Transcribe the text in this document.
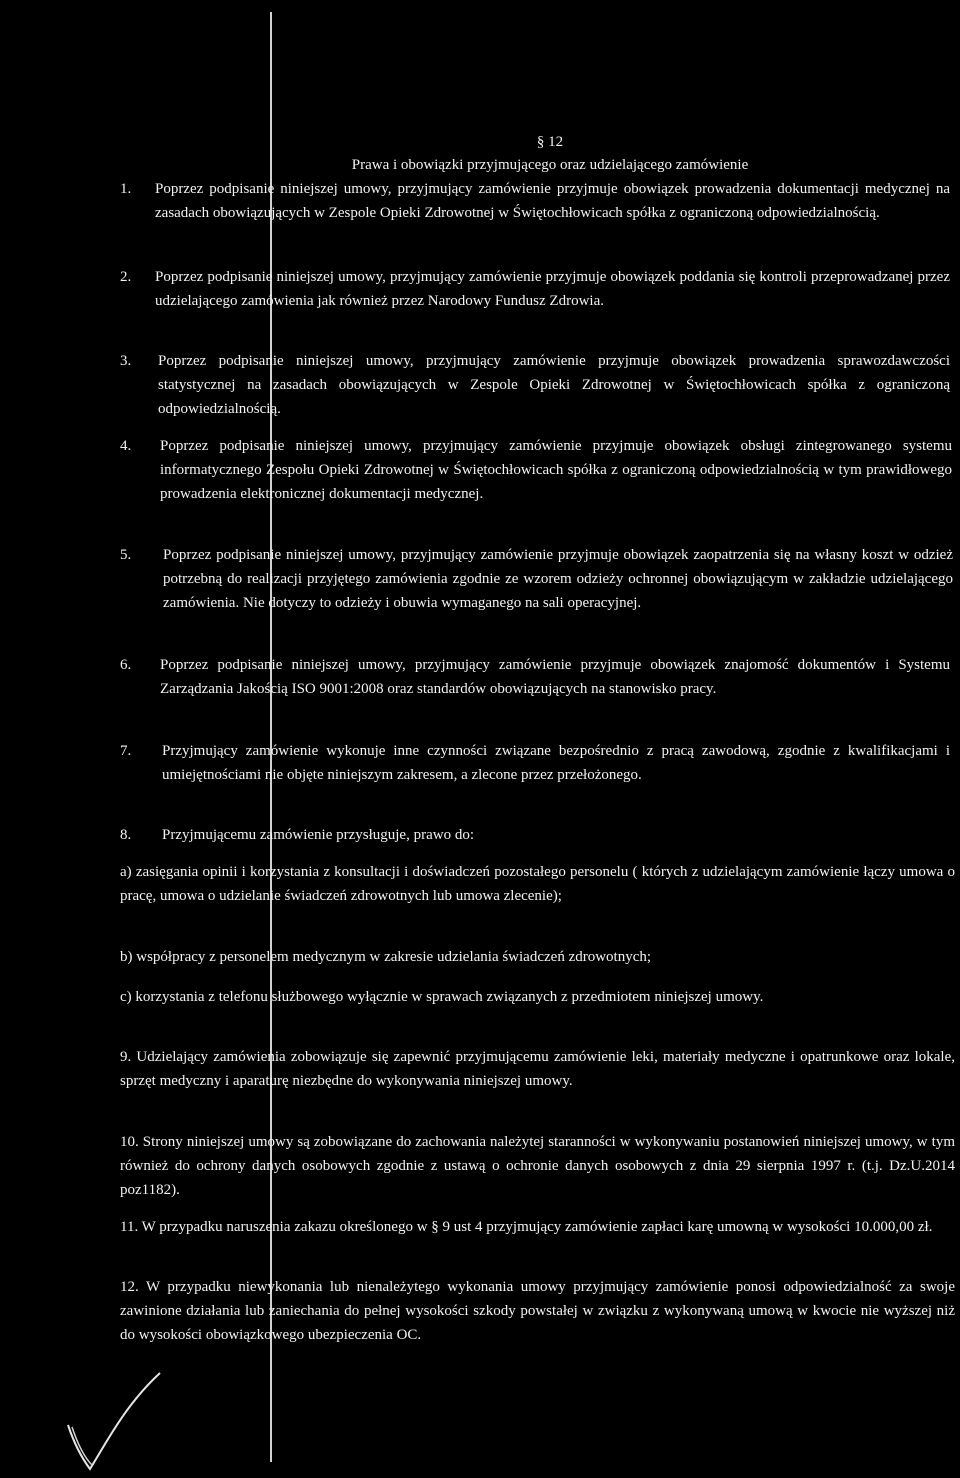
§ 12
Prawa i obowiązki przyjmującego oraz udzielającego zamówienie
1. Poprzez podpisanie niniejszej umowy, przyjmujący zamówienie przyjmuje obowiązek prowadzenia dokumentacji medycznej na zasadach obowiązujących w Zespole Opieki Zdrowotnej w Świętochłowicach spółka z ograniczoną odpowiedzialnością.

2. Poprzez podpisanie niniejszej umowy, przyjmujący zamówienie przyjmuje obowiązek poddania się kontroli przeprowadzanej przez udzielającego zamówienia jak również przez Narodowy Fundusz Zdrowia.

3. Poprzez podpisanie niniejszej umowy, przyjmujący zamówienie przyjmuje obowiązek prowadzenia sprawozdawczości statystycznej na zasadach obowiązujących w Zespole Opieki Zdrowotnej w Świętochłowicach spółka z ograniczoną odpowiedzialnością.

4. Poprzez podpisanie niniejszej umowy, przyjmujący zamówienie przyjmuje obowiązek obsługi zintegrowanego systemu informatycznego Zespołu Opieki Zdrowotnej w Świętochłowicach spółka z ograniczoną odpowiedzialnością w tym prawidłowego prowadzenia elektronicznej dokumentacji medycznej.

5. Poprzez podpisanie niniejszej umowy, przyjmujący zamówienie przyjmuje obowiązek zaopatrzenia się na własny koszt w odzież potrzebną do realizacji przyjętego zamówienia zgodnie ze wzorem odzieży ochronnej obowiązującym w zakładzie udzielającego zamówienia. Nie dotyczy to odzieży i obuwia wymaganego na sali operacyjnej.

6. Poprzez podpisanie niniejszej umowy, przyjmujący zamówienie przyjmuje obowiązek znajomość dokumentów i Systemu Zarządzania Jakością ISO 9001:2008 oraz standardów obowiązujących na stanowisko pracy.

7. Przyjmujący zamówienie wykonuje inne czynności związane bezpośrednio z pracą zawodową, zgodnie z kwalifikacjami i umiejętnościami nie objęte niniejszym zakresem, a zlecone przez przełożonego.

8. Przyjmującemu zamówienie przysługuje, prawo do:

a) zasięgania opinii i korzystania z konsultacji i doświadczeń pozostałego personelu ( których z udzielającym zamówienie łączy umowa o pracę, umowa o udzielanie świadczeń zdrowotnych lub umowa zlecenie);

b) współpracy z personelem medycznym w zakresie udzielania świadczeń zdrowotnych;

c) korzystania z telefonu służbowego wyłącznie w sprawach związanych z przedmiotem niniejszej umowy.

9. Udzielający zamówienia zobowiązuje się zapewnić przyjmującemu zamówienie leki, materiały medyczne i opatrunkowe oraz lokale, sprzęt medyczny i aparaturę niezbędne do wykonywania niniejszej umowy.

10. Strony niniejszej umowy są zobowiązane do zachowania należytej staranności w wykonywaniu postanowień niniejszej umowy, w tym również do ochrony danych osobowych zgodnie z ustawą o ochronie danych osobowych z dnia 29 sierpnia 1997 r. (t.j. Dz.U.2014 poz1182).

11. W przypadku naruszenia zakazu określonego w § 9 ust 4 przyjmujący zamówienie zapłaci karę umowną w wysokości 10.000,00 zł.

12. W przypadku niewykonania lub nienależytego wykonania umowy przyjmujący zamówienie ponosi odpowiedzialność za swoje zawinione działania lub zaniechania do pełnej wysokości szkody powstałej w związku z wykonywaną umową w kwocie nie wyższej niż do wysokości obowiązkowego ubezpieczenia OC.
